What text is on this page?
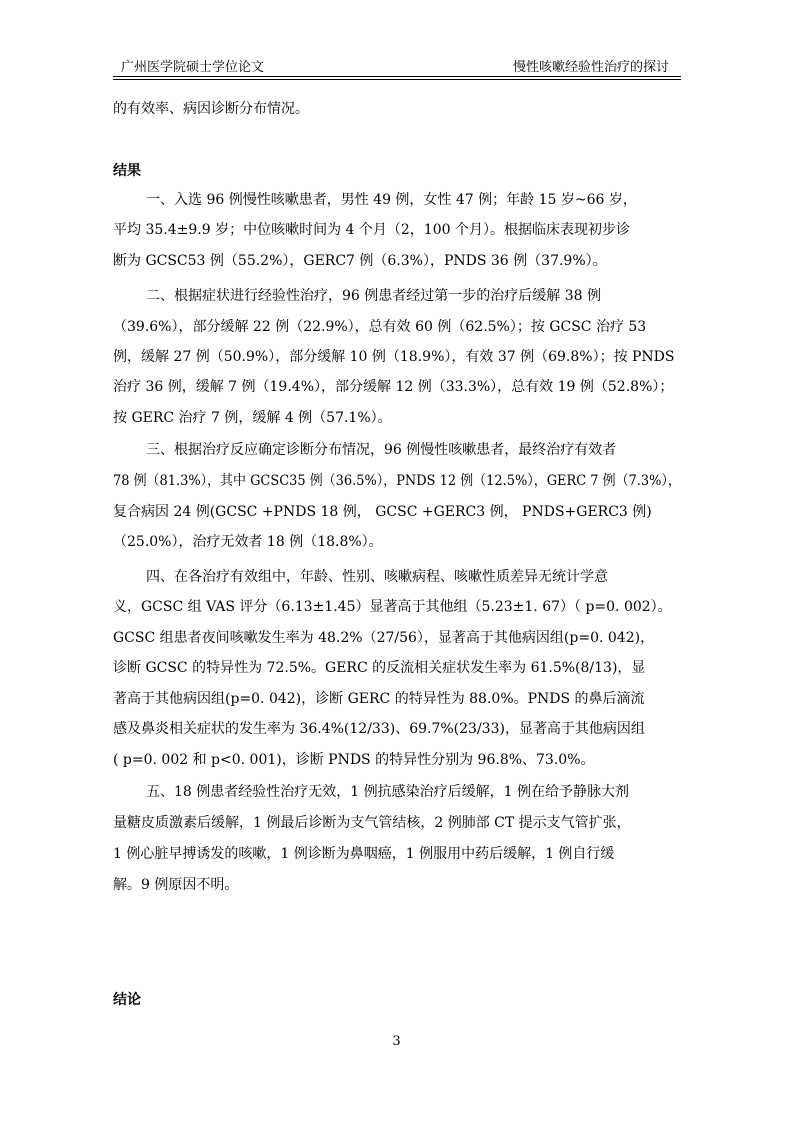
广州医学院硕士学位论文	慢性咳嗽经验性治疗的探讨
的有效率、病因诊断分布情况。
结果
一、入选 96 例慢性咳嗽患者，男性 49 例，女性 47 例；年龄 15 岁~66 岁，
平均 35.4±9.9 岁；中位咳嗽时间为 4 个月（2，100 个月）。根据临床表现初步诊
断为 GCSC53 例（55.2%），GERC7 例（6.3%），PNDS 36 例（37.9%）。
二、根据症状进行经验性治疗，96 例患者经过第一步的治疗后缓解 38 例
（39.6%），部分缓解 22 例（22.9%），总有效 60 例（62.5%）；按 GCSC 治疗 53
例，缓解 27 例（50.9%），部分缓解 10 例（18.9%），有效 37 例（69.8%）；按 PNDS
治疗 36 例，缓解 7 例（19.4%），部分缓解 12 例（33.3%），总有效 19 例（52.8%）；
按 GERC 治疗 7 例，缓解 4 例（57.1%）。
三、根据治疗反应确定诊断分布情况，96 例慢性咳嗽患者，最终治疗有效者
78 例（81.3%），其中 GCSC35 例（36.5%），PNDS 12 例（12.5%），GERC 7 例（7.3%），
复合病因 24 例(GCSC +PNDS 18 例， GCSC +GERC3 例， PNDS+GERC3 例)
（25.0%），治疗无效者 18 例（18.8%）。
四、在各治疗有效组中，年龄、性别、咳嗽病程、咳嗽性质差异无统计学意
义，GCSC 组 VAS 评分（6.13±1.45）显著高于其他组（5.23±1. 67）（ p=0. 002）。
GCSC 组患者夜间咳嗽发生率为 48.2%（27/56），显著高于其他病因组(p=0. 042)，
诊断 GCSC 的特异性为 72.5%。GERC 的反流相关症状发生率为 61.5%(8/13)，显
著高于其他病因组(p=0. 042)，诊断 GERC 的特异性为 88.0%。PNDS 的鼻后滴流
感及鼻炎相关症状的发生率为 36.4%(12/33)、69.7%(23/33)，显著高于其他病因组
( p=0. 002 和 p<0. 001)，诊断 PNDS 的特异性分别为 96.8%、73.0%。
五、18 例患者经验性治疗无效，1 例抗感染治疗后缓解，1 例在给予静脉大剂
量糖皮质激素后缓解，1 例最后诊断为支气管结核，2 例肺部 CT 提示支气管扩张，
1 例心脏早搏诱发的咳嗽，1 例诊断为鼻咽癌，1 例服用中药后缓解，1 例自行缓
解。9 例原因不明。
结论
3
